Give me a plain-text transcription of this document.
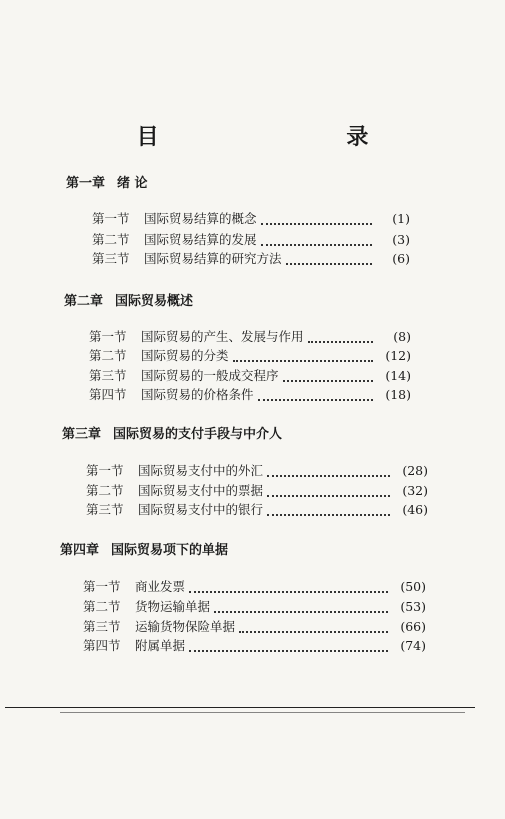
目 录
第一章 绪 论
第一节	国际贸易结算的概念	(1)
第二节	国际贸易结算的发展	(3)
第三节	国际贸易结算的研究方法	(6)
第二章 国际贸易概述
第一节	国际贸易的产生、发展与作用	(8)
第二节	国际贸易的分类	(12)
第三节	国际贸易的一般成交程序	(14)
第四节	国际贸易的价格条件	(18)
第三章 国际贸易的支付手段与中介人
第一节	国际贸易支付中的外汇	(28)
第二节	国际贸易支付中的票据	(32)
第三节	国际贸易支付中的银行	(46)
第四章 国际贸易项下的单据
第一节	商业发票	(50)
第二节	货物运输单据	(53)
第三节	运输货物保险单据	(66)
第四节	附属单据	(74)
